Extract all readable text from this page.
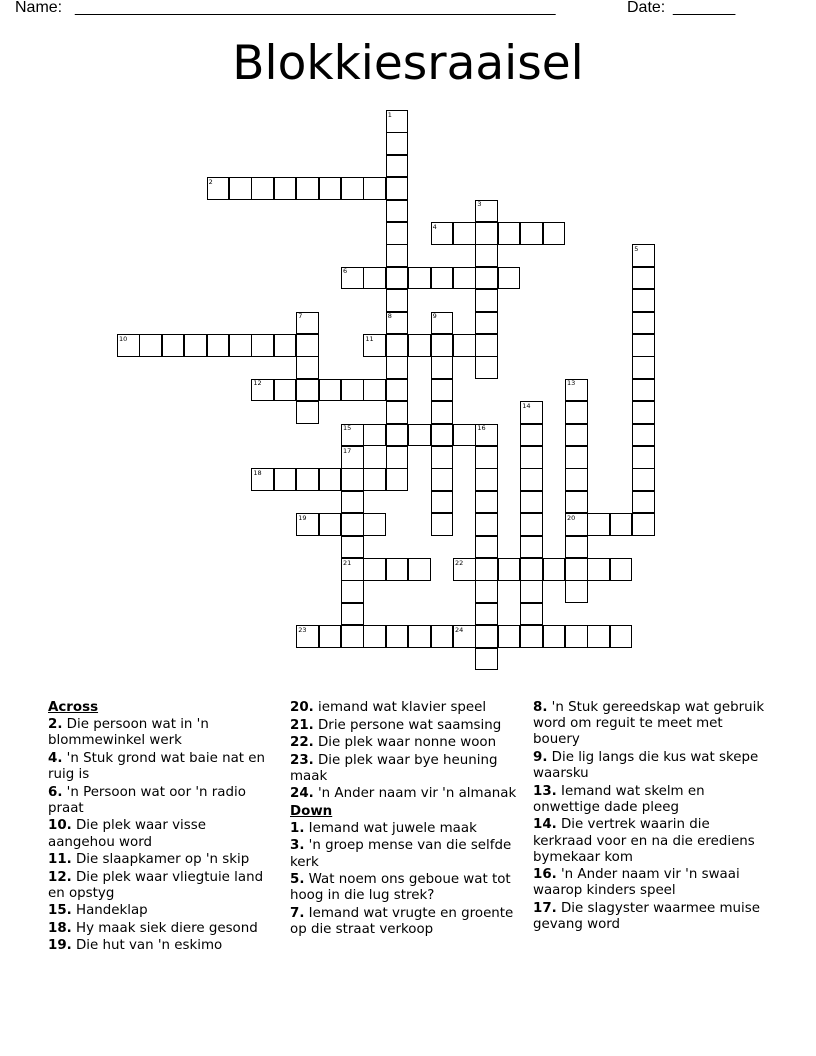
Name: ______________________________________________________	Date: _______
Blokkiesraaisel
1
2
3
4
5
6
7	8	9
10	11
12	13
14
15	16
17
18
19	20
21	22
23	24
Across
2. Die persoon wat in 'n blommewinkel werk
4. 'n Stuk grond wat baie nat en ruig is
6. 'n Persoon wat oor 'n radio praat
10. Die plek waar visse aangehou word
11. Die slaapkamer op 'n skip
12. Die plek waar vliegtuie land en opstyg
15. Handeklap
18. Hy maak siek diere gesond
19. Die hut van 'n eskimo
20. iemand wat klavier speel
21. Drie persone wat saamsing
22. Die plek waar nonne woon
23. Die plek waar bye heuning maak
24. 'n Ander naam vir 'n almanak
Down
1. Iemand wat juwele maak
3. 'n groep mense van die selfde kerk
5. Wat noem ons geboue wat tot hoog in die lug strek?
7. Iemand wat vrugte en groente op die straat verkoop
8. 'n Stuk gereedskap wat gebruik word om reguit te meet met bouery
9. Die lig langs die kus wat skepe waarsku
13. Iemand wat skelm en onwettige dade pleeg
14. Die vertrek waarin die kerkraad voor en na die erediens bymekaar kom
16. 'n Ander naam vir 'n swaai waarop kinders speel
17. Die slagyster waarmee muise gevang word
